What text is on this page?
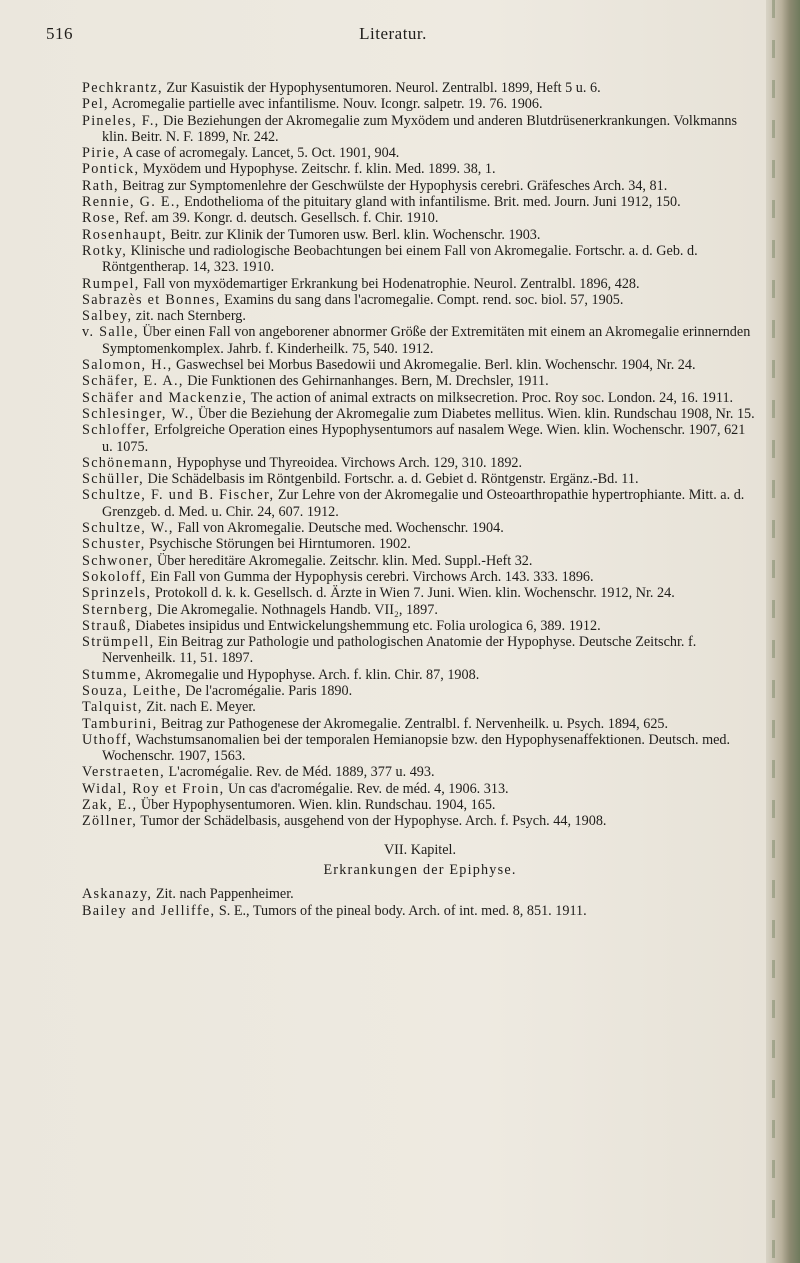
516	Literatur.

Pechkrantz, Zur Kasuistik der Hypophysentumoren. Neurol. Zentralbl. 1899, Heft 5 u. 6.

Pel, Acromegalie partielle avec infantilisme. Nouv. Icongr. salpetr. 19. 76. 1906.

Pineles, F., Die Beziehungen der Akromegalie zum Myxödem und anderen Blutdrüsenerkrankungen. Volkmanns klin. Beitr. N. F. 1899, Nr. 242.

Pirie, A case of acromegaly. Lancet, 5. Oct. 1901, 904.

Pontick, Myxödem und Hypophyse. Zeitschr. f. klin. Med. 1899. 38, 1.

Rath, Beitrag zur Symptomenlehre der Geschwülste der Hypophysis cerebri. Gräfesches Arch. 34, 81.

Rennie, G. E., Endothelioma of the pituitary gland with infantilisme. Brit. med. Journ. Juni 1912, 150.

Rose, Ref. am 39. Kongr. d. deutsch. Gesellsch. f. Chir. 1910.

Rosenhaupt, Beitr. zur Klinik der Tumoren usw. Berl. klin. Wochenschr. 1903.

Rotky, Klinische und radiologische Beobachtungen bei einem Fall von Akromegalie. Fortschr. a. d. Geb. d. Röntgentherap. 14, 323. 1910.

Rumpel, Fall von myxödemartiger Erkrankung bei Hodenatrophie. Neurol. Zentralbl. 1896, 428.

Sabrazès et Bonnes, Examins du sang dans l'acromegalie. Compt. rend. soc. biol. 57, 1905.

Salbey, zit. nach Sternberg.

v. Salle, Über einen Fall von angeborener abnormer Größe der Extremitäten mit einem an Akromegalie erinnernden Symptomenkomplex. Jahrb. f. Kinderheilk. 75, 540. 1912.

Salomon, H., Gaswechsel bei Morbus Basedowii und Akromegalie. Berl. klin. Wochenschr. 1904, Nr. 24.

Schäfer, E. A., Die Funktionen des Gehirnanhanges. Bern, M. Drechsler, 1911.

Schäfer and Mackenzie, The action of animal extracts on milksecretion. Proc. Roy soc. London. 24, 16. 1911.

Schlesinger, W., Über die Beziehung der Akromegalie zum Diabetes mellitus. Wien. klin. Rundschau 1908, Nr. 15.

Schloffer, Erfolgreiche Operation eines Hypophysentumors auf nasalem Wege. Wien. klin. Wochenschr. 1907, 621 u. 1075.

Schönemann, Hypophyse und Thyreoidea. Virchows Arch. 129, 310. 1892.

Schüller, Die Schädelbasis im Röntgenbild. Fortschr. a. d. Gebiet d. Röntgenstr. Ergänz.-Bd. 11.

Schultze, F. und B. Fischer, Zur Lehre von der Akromegalie und Osteoarthropathie hypertrophiante. Mitt. a. d. Grenzgeb. d. Med. u. Chir. 24, 607. 1912.

Schultze, W., Fall von Akromegalie. Deutsche med. Wochenschr. 1904.

Schuster, Psychische Störungen bei Hirntumoren. 1902.

Schwoner, Über hereditäre Akromegalie. Zeitschr. klin. Med. Suppl.-Heft 32.

Sokoloff, Ein Fall von Gumma der Hypophysis cerebri. Virchows Arch. 143. 333. 1896.

Sprinzels, Protokoll d. k. k. Gesellsch. d. Ärzte in Wien 7. Juni. Wien. klin. Wochenschr. 1912, Nr. 24.

Sternberg, Die Akromegalie. Nothnagels Handb. VII₂, 1897.

Strauß, Diabetes insipidus und Entwickelungshemmung etc. Folia urologica 6, 389. 1912.

Strümpell, Ein Beitrag zur Pathologie und pathologischen Anatomie der Hypophyse. Deutsche Zeitschr. f. Nervenheilk. 11, 51. 1897.

Stumme, Akromegalie und Hypophyse. Arch. f. klin. Chir. 87, 1908.

Souza, Leithe, De l'acromégalie. Paris 1890.

Talquist, Zit. nach E. Meyer.

Tamburini, Beitrag zur Pathogenese der Akromegalie. Zentralbl. f. Nervenheilk. u. Psych. 1894, 625.

Uthoff, Wachstumsanomalien bei der temporalen Hemianopsie bzw. den Hypophysenaffektionen. Deutsch. med. Wochenschr. 1907, 1563.

Verstraeten, L'acromégalie. Rev. de Méd. 1889, 377 u. 493.

Widal, Roy et Froin, Un cas d'acromégalie. Rev. de méd. 4, 1906. 313.

Zak, E., Über Hypophysentumoren. Wien. klin. Rundschau. 1904, 165.

Zöllner, Tumor der Schädelbasis, ausgehend von der Hypophyse. Arch. f. Psych. 44, 1908.

VII. Kapitel.
Erkrankungen der Epiphyse.

Askanazy, Zit. nach Pappenheimer.

Bailey and Jelliffe, S. E., Tumors of the pineal body. Arch. of int. med. 8, 851. 1911.
